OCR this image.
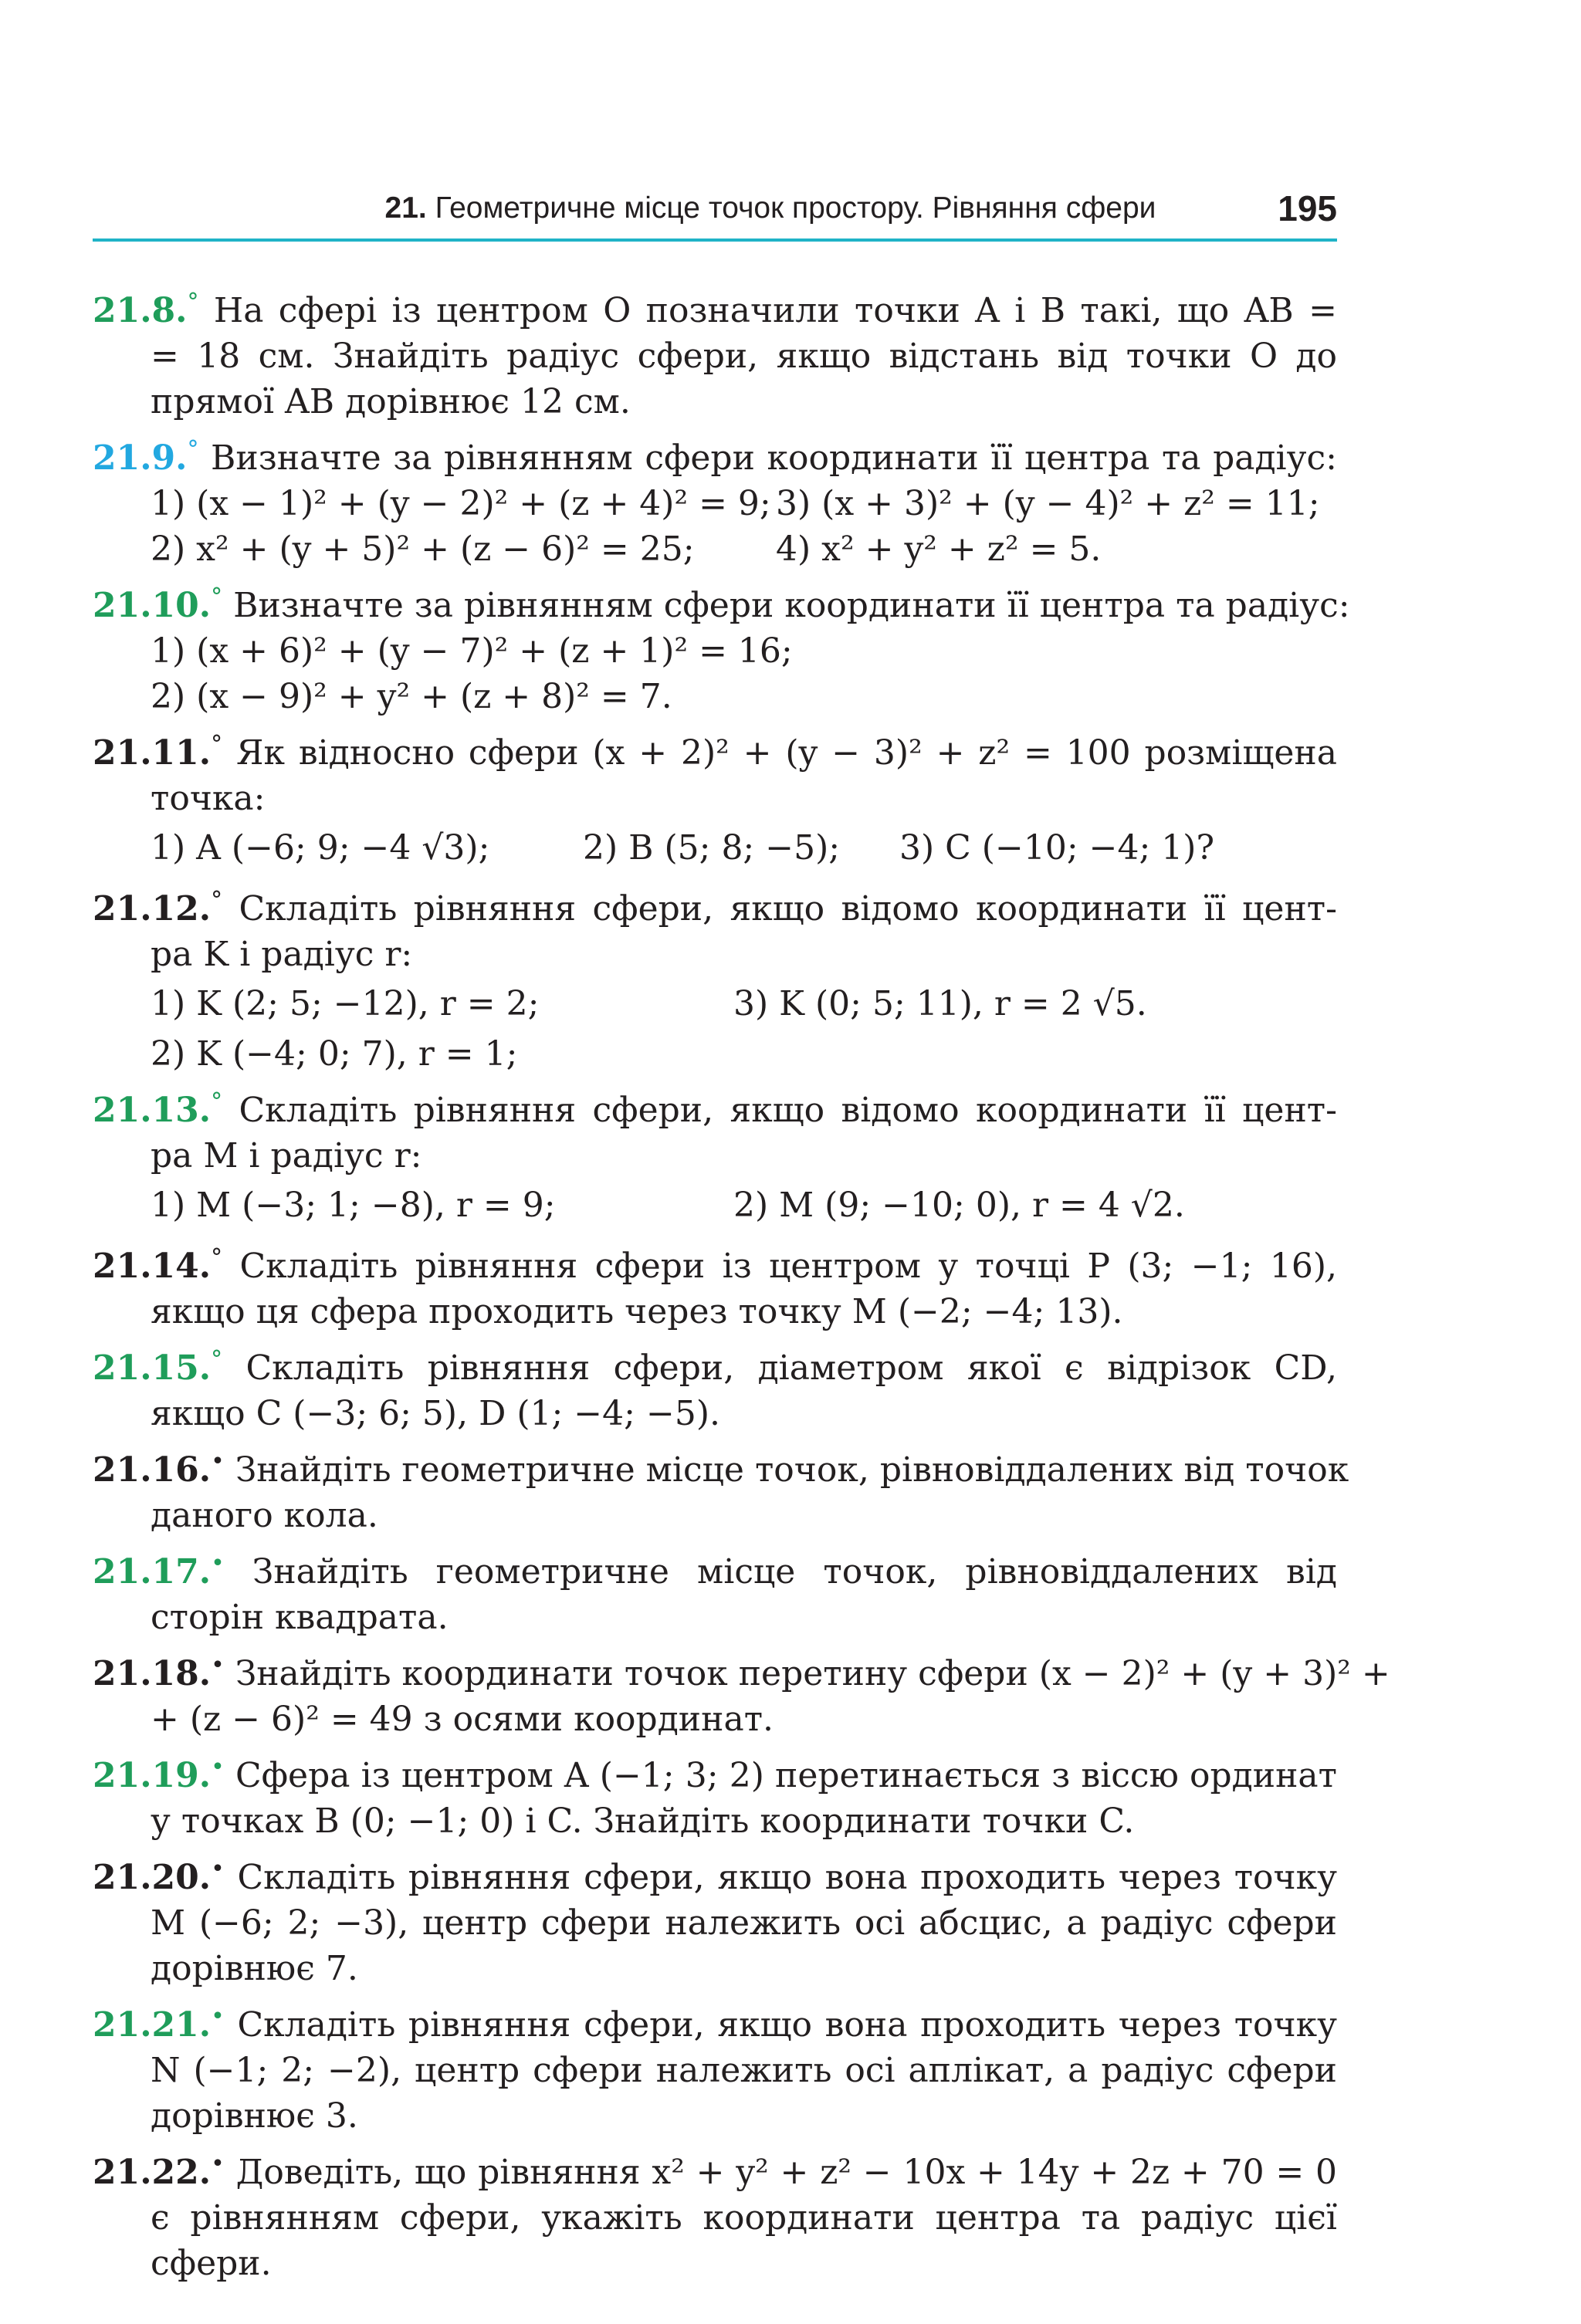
21. Геометричне місце точок простору. Рівняння сфери	195
21.8.° На сфері із центром O позначили точки A і B такі, що AB =
= 18 см. Знайдіть радіус сфери, якщо відстань від точки O до
прямої AB дорівнює 12 см.
21.9.° Визначте за рівнянням сфери координати її центра та радіус:
1) (x − 1)² + (y − 2)² + (z + 4)² = 9; 3) (x + 3)² + (y − 4)² + z² = 11;
2) x² + (y + 5)² + (z − 6)² = 25;	4) x² + y² + z² = 5.
21.10.° Визначте за рівнянням сфери координати її центра та радіус:
1) (x + 6)² + (y − 7)² + (z + 1)² = 16;
2) (x − 9)² + y² + (z + 8)² = 7.
21.11.° Як відносно сфери (x + 2)² + (y − 3)² + z² = 100 розміщена
точка:
1) A (−6; 9; −4 √3);	2) B (5; 8; −5);	3) C (−10; −4; 1)?
21.12.° Складіть рівняння сфери, якщо відомо координати її цент-
ра K і радіус r:
1) K (2; 5; −12), r = 2;	3) K (0; 5; 11), r = 2 √5.
2) K (−4; 0; 7), r = 1;
21.13.° Складіть рівняння сфери, якщо відомо координати її цент-
ра M і радіус r:
1) M (−3; 1; −8), r = 9;	2) M (9; −10; 0), r = 4 √2.
21.14.° Складіть рівняння сфери із центром у точці P (3; −1; 16),
якщо ця сфера проходить через точку M (−2; −4; 13).
21.15.° Складіть рівняння сфери, діаметром якої є відрізок CD,
якщо C (−3; 6; 5), D (1; −4; −5).
21.16.• Знайдіть геометричне місце точок, рівновіддалених від точок
даного кола.
21.17.• Знайдіть геометричне місце точок, рівновіддалених від
сторін квадрата.
21.18.• Знайдіть координати точок перетину сфери (x − 2)² + (y + 3)² +
+ (z − 6)² = 49 з осями координат.
21.19.• Сфера із центром A (−1; 3; 2) перетинається з віссю ординат
у точках B (0; −1; 0) і C. Знайдіть координати точки C.
21.20.• Складіть рівняння сфери, якщо вона проходить через точку
M (−6; 2; −3), центр сфери належить осі абсцис, а радіус сфери
дорівнює 7.
21.21.• Складіть рівняння сфери, якщо вона проходить через точку
N (−1; 2; −2), центр сфери належить осі аплікат, а радіус сфери
дорівнює 3.
21.22.• Доведіть, що рівняння x² + y² + z² − 10x + 14y + 2z + 70 = 0
є рівнянням сфери, укажіть координати центра та радіус цієї
сфери.
